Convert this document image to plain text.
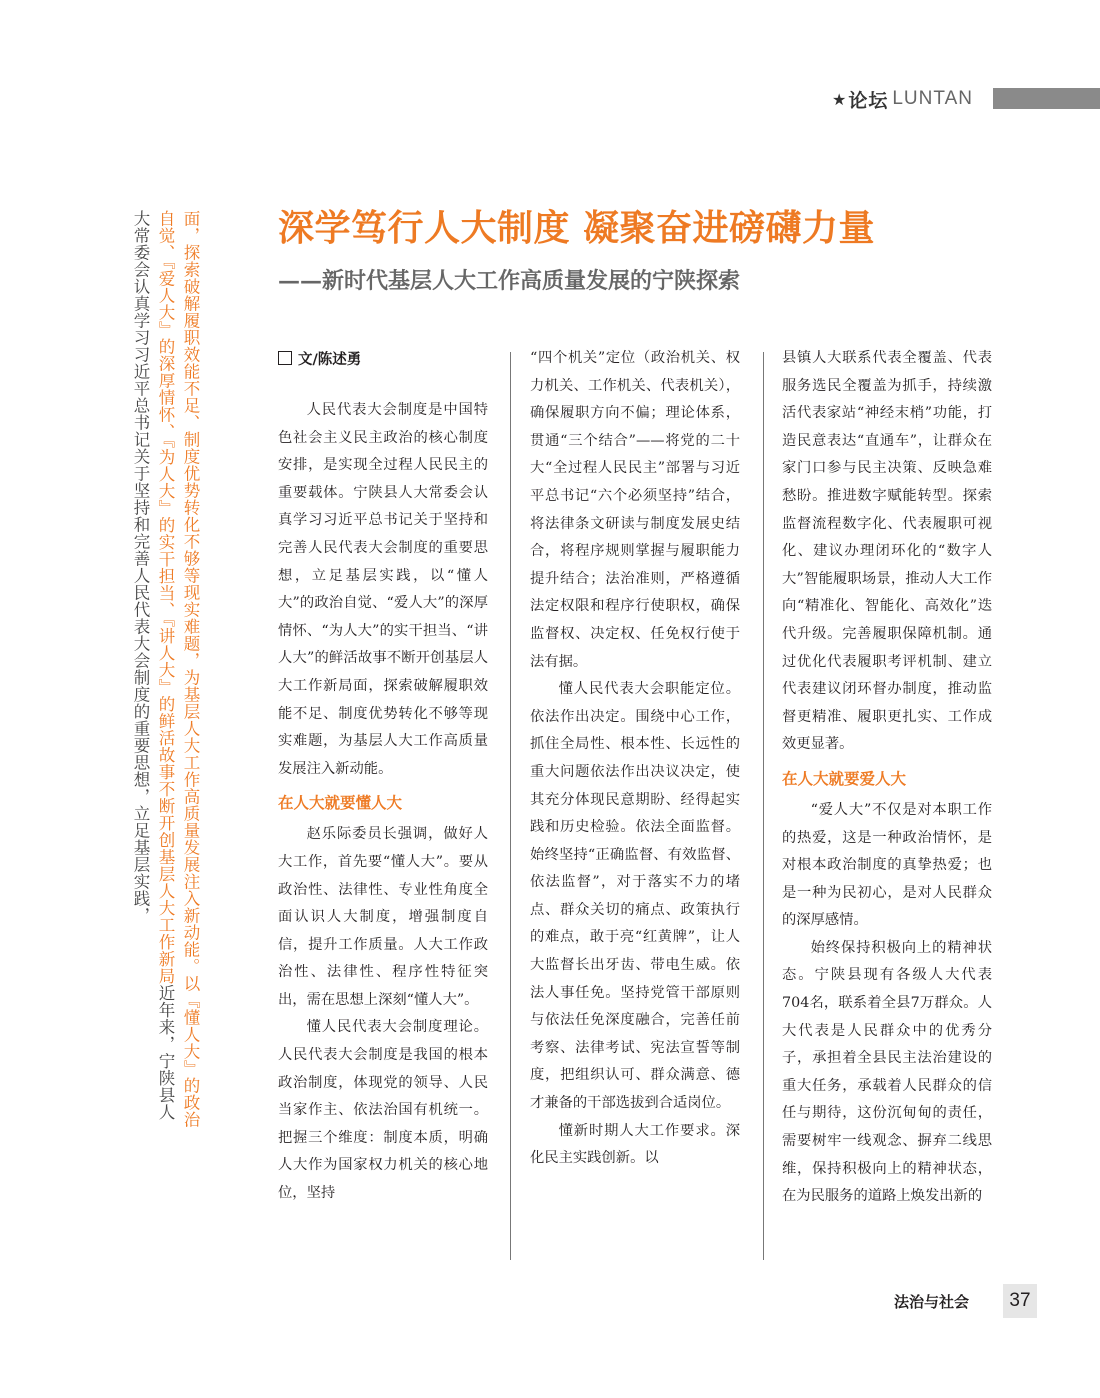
★ 论坛 LUNTAN
深学笃行人大制度 凝聚奋进磅礴力量
——新时代基层人大工作高质量发展的宁陕探索
面，探索破解履职效能不足、制度优势转化不够等现实难题，为基层人大工作高质量发展注入新动能。以『懂人大』的政治自觉、『爱人大』的深厚情怀、『为人大』的实干担当、『讲人大』的鲜活故事不断开创基层人大工作新局近年来，宁陕县人大常委会认真学习习近平总书记关于坚持和完善人民代表大会制度的重要思想，立足基层实践，	文/陈述勇

人民代表大会制度是中国特色社会主义民主政治的核心制度安排，是实现全过程人民民主的重要载体。宁陕县人大常委会认真学习习近平总书记关于坚持和完善人民代表大会制度的重要思想，立足基层实践，以“懂人大”的政治自觉、“爱人大”的深厚情怀、“为人大”的实干担当、“讲人大”的鲜活故事不断开创基层人大工作新局面，探索破解履职效能不足、制度优势转化不够等现实难题，为基层人大工作高质量发展注入新动能。

在人大就要懂人大

赵乐际委员长强调，做好人大工作，首先要“懂人大”。要从政治性、法律性、专业性角度全面认识人大制度，增强制度自信，提升工作质量。人大工作政治性、法律性、程序性特征突出，需在思想上深刻“懂人大”。

懂人民代表大会制度理论。人民代表大会制度是我国的根本政治制度，体现党的领导、人民当家作主、依法治国有机统一。把握三个维度：制度本质，明确人大作为国家权力机关的核心地位，坚持

“四个机关”定位（政治机关、权力机关、工作机关、代表机关），确保履职方向不偏；理论体系，贯通“三个结合”——将党的二十大“全过程人民民主”部署与习近平总书记“六个必须坚持”结合，将法律条文研读与制度发展史结合，将程序规则掌握与履职能力提升结合；法治准则，严格遵循法定权限和程序行使职权，确保监督权、决定权、任免权行使于法有据。

懂人民代表大会职能定位。依法作出决定。围绕中心工作，抓住全局性、根本性、长远性的重大问题依法作出决议决定，使其充分体现民意期盼、经得起实践和历史检验。依法全面监督。始终坚持“正确监督、有效监督、依法监督”，对于落实不力的堵点、群众关切的痛点、政策执行的难点，敢于亮“红黄牌”，让人大监督长出牙齿、带电生威。依法人事任免。坚持党管干部原则与依法任免深度融合，完善任前考察、法律考试、宪法宣誓等制度，把组织认可、群众满意、德才兼备的干部选拔到合适岗位。

懂新时期人大工作要求。深化民主实践创新。以

县镇人大联系代表全覆盖、代表服务选民全覆盖为抓手，持续激活代表家站“神经末梢”功能，打造民意表达“直通车”，让群众在家门口参与民主决策、反映急难愁盼。推进数字赋能转型。探索监督流程数字化、代表履职可视化、建议办理闭环化的“数字人大”智能履职场景，推动人大工作向“精准化、智能化、高效化”迭代升级。完善履职保障机制。通过优化代表履职考评机制、建立代表建议闭环督办制度，推动监督更精准、履职更扎实、工作成效更显著。

在人大就要爱人大

“爱人大”不仅是对本职工作的热爱，这是一种政治情怀，是对根本政治制度的真挚热爱；也是一种为民初心，是对人民群众的深厚感情。

始终保持积极向上的精神状态。宁陕县现有各级人大代表704名，联系着全县7万群众。人大代表是人民群众中的优秀分子，承担着全县民主法治建设的重大任务，承载着人民群众的信任与期待，这份沉甸甸的责任，需要树牢一线观念、摒弃二线思维，保持积极向上的精神状态，在为民服务的道路上焕发出新的

法治与社会	37
